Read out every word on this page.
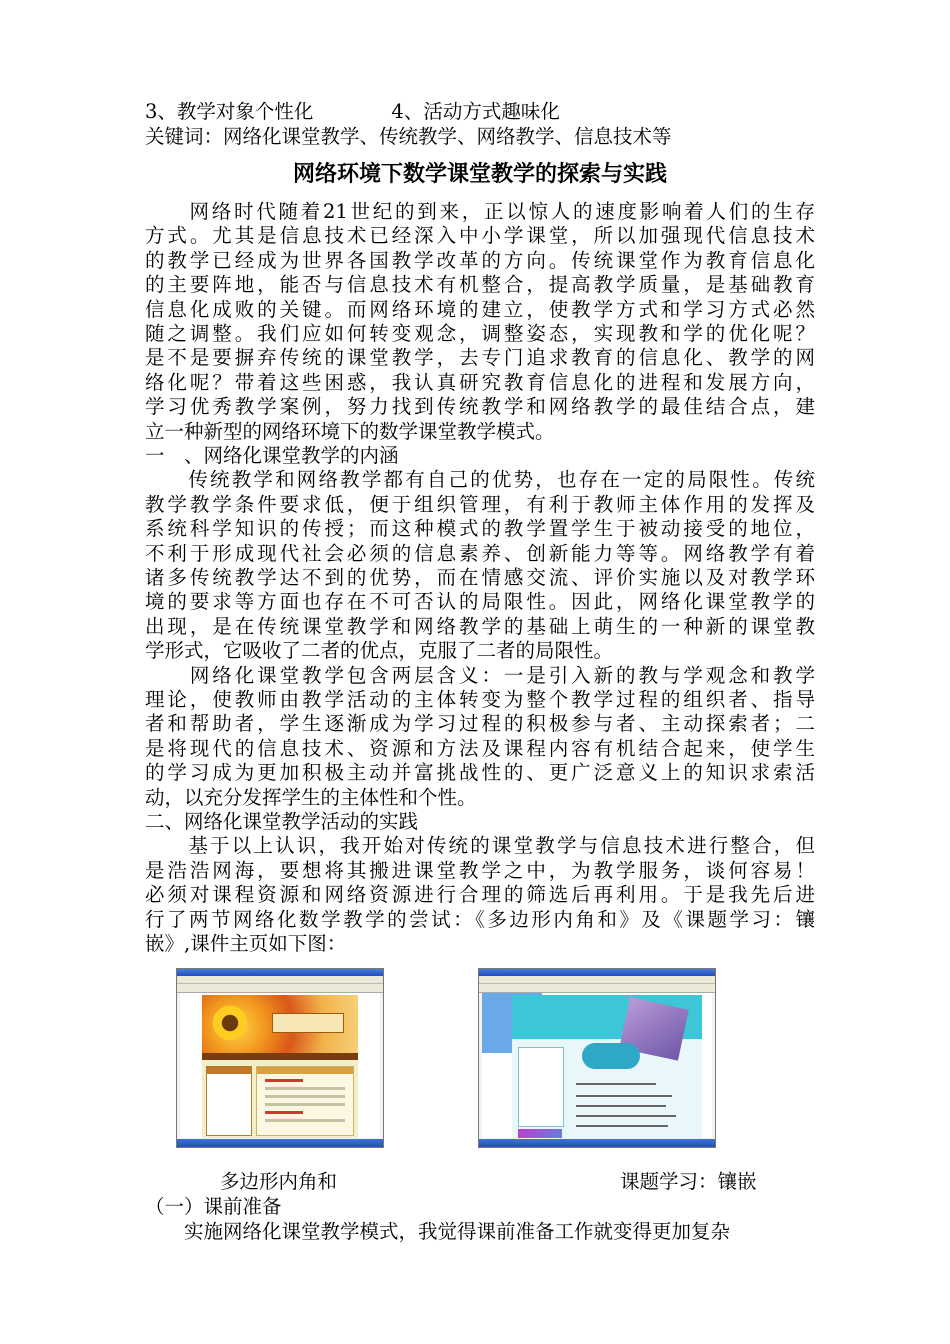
3、教学对象个性化	4、活动方式趣味化
关键词：网络化课堂教学、传统教学、网络教学、信息技术等
网络环境下数学课堂教学的探索与实践
　　网络时代随着21世纪的到来，正以惊人的速度影响着人们的生存
方式。尤其是信息技术已经深入中小学课堂，所以加强现代信息技术
的教学已经成为世界各国教学改革的方向。传统课堂作为教育信息化
的主要阵地，能否与信息技术有机整合，提高教学质量，是基础教育
信息化成败的关键。而网络环境的建立，使教学方式和学习方式必然
随之调整。我们应如何转变观念，调整姿态，实现教和学的优化呢？
是不是要摒弃传统的课堂教学，去专门追求教育的信息化、教学的网
络化呢？带着这些困惑，我认真研究教育信息化的进程和发展方向，
学习优秀教学案例，努力找到传统教学和网络教学的最佳结合点，建
立一种新型的网络环境下的数学课堂教学模式。
一　、网络化课堂教学的内涵
　　传统教学和网络教学都有自己的优势，也存在一定的局限性。传统
教学教学条件要求低，便于组织管理，有利于教师主体作用的发挥及
系统科学知识的传授；而这种模式的教学置学生于被动接受的地位，
不利于形成现代社会必须的信息素养、创新能力等等。网络教学有着
诸多传统教学达不到的优势，而在情感交流、评价实施以及对教学环
境的要求等方面也存在不可否认的局限性。因此，网络化课堂教学的
出现，是在传统课堂教学和网络教学的基础上萌生的一种新的课堂教
学形式，它吸收了二者的优点，克服了二者的局限性。
　　网络化课堂教学包含两层含义：一是引入新的教与学观念和教学
理论，使教师由教学活动的主体转变为整个教学过程的组织者、指导
者和帮助者，学生逐渐成为学习过程的积极参与者、主动探索者；二
是将现代的信息技术、资源和方法及课程内容有机结合起来，使学生
的学习成为更加积极主动并富挑战性的、更广泛意义上的知识求索活
动，以充分发挥学生的主体性和个性。
二、网络化课堂教学活动的实践
　　基于以上认识，我开始对传统的课堂教学与信息技术进行整合，但
是浩浩网海，要想将其搬进课堂教学之中，为教学服务，谈何容易！
必须对课程资源和网络资源进行合理的筛选后再利用。于是我先后进
行了两节网络化数学教学的尝试：《多边形内角和》及《课题学习：镶
嵌》,课件主页如下图：
多边形内角和	课题学习：镶嵌
（一）课前准备
　　实施网络化课堂教学模式，我觉得课前准备工作就变得更加复杂
